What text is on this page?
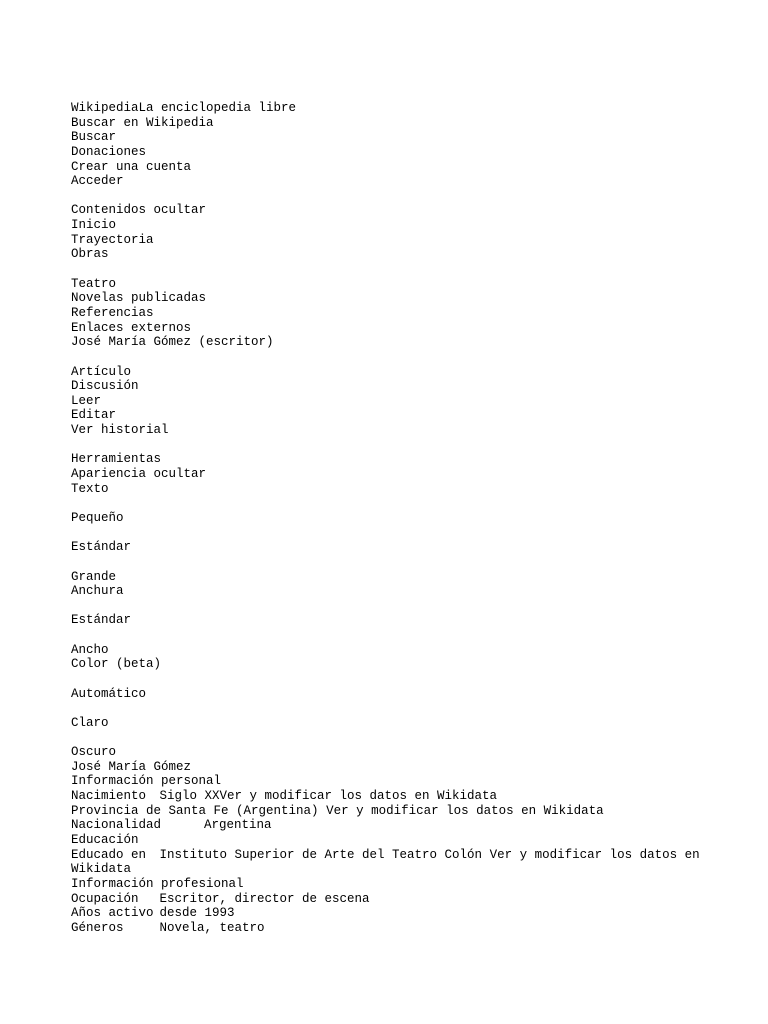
WikipediaLa enciclopedia libre
Buscar en Wikipedia
Buscar
Donaciones
Crear una cuenta
Acceder
Contenidos ocultar
Inicio
Trayectoria
Obras
Teatro
Novelas publicadas
Referencias
Enlaces externos
José María Gómez (escritor)
Artículo
Discusión
Leer
Editar
Ver historial
Herramientas
Apariencia ocultar
Texto
Pequeño
Estándar
Grande
Anchura
Estándar
Ancho
Color (beta)
Automático
Claro
Oscuro
José María Gómez
Información personal
Nacimiento	Siglo XX Ver y modificar los datos en Wikidata
Provincia de Santa Fe (Argentina) Ver y modificar los datos en Wikidata
Nacionalidad	Argentina
Educación
Educado en Instituto Superior de Arte del Teatro Colón Ver y modificar los datos en Wikidata
Información profesional
Ocupación	Escritor, director de escena
Años activo desde 1993
Géneros	Novela, teatro
